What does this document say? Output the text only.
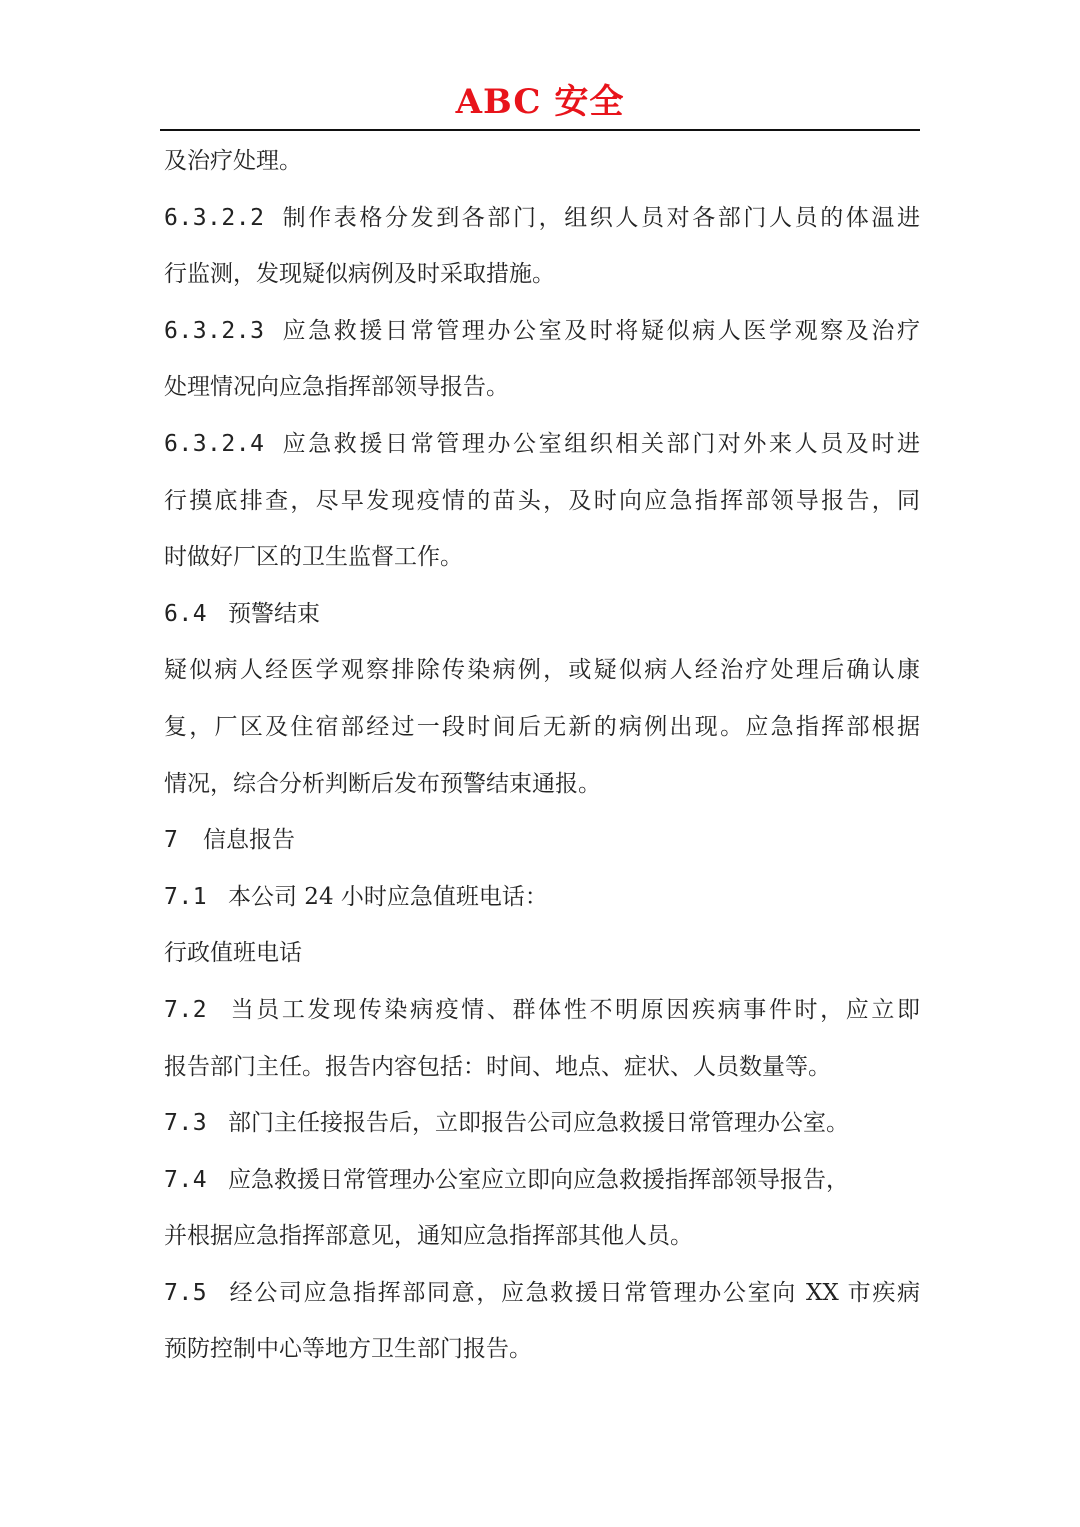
ABC 安全
及治疗处理。
6.3.2.2 制作表格分发到各部门，组织人员对各部门人员的体温进
行监测，发现疑似病例及时采取措施。
6.3.2.3 应急救援日常管理办公室及时将疑似病人医学观察及治疗
处理情况向应急指挥部领导报告。
6.3.2.4 应急救援日常管理办公室组织相关部门对外来人员及时进
行摸底排查，尽早发现疫情的苗头，及时向应急指挥部领导报告，同
时做好厂区的卫生监督工作。
6.4 预警结束
疑似病人经医学观察排除传染病例，或疑似病人经治疗处理后确认康
复，厂区及住宿部经过一段时间后无新的病例出现。应急指挥部根据
情况，综合分析判断后发布预警结束通报。
7 信息报告
7.1 本公司 24 小时应急值班电话：
行政值班电话
7.2 当员工发现传染病疫情、群体性不明原因疾病事件时，应立即
报告部门主任。报告内容包括：时间、地点、症状、人员数量等。
7.3 部门主任接报告后，立即报告公司应急救援日常管理办公室。
7.4 应急救援日常管理办公室应立即向应急救援指挥部领导报告，
并根据应急指挥部意见，通知应急指挥部其他人员。
7.5 经公司应急指挥部同意，应急救援日常管理办公室向 XX 市疾病
预防控制中心等地方卫生部门报告。
